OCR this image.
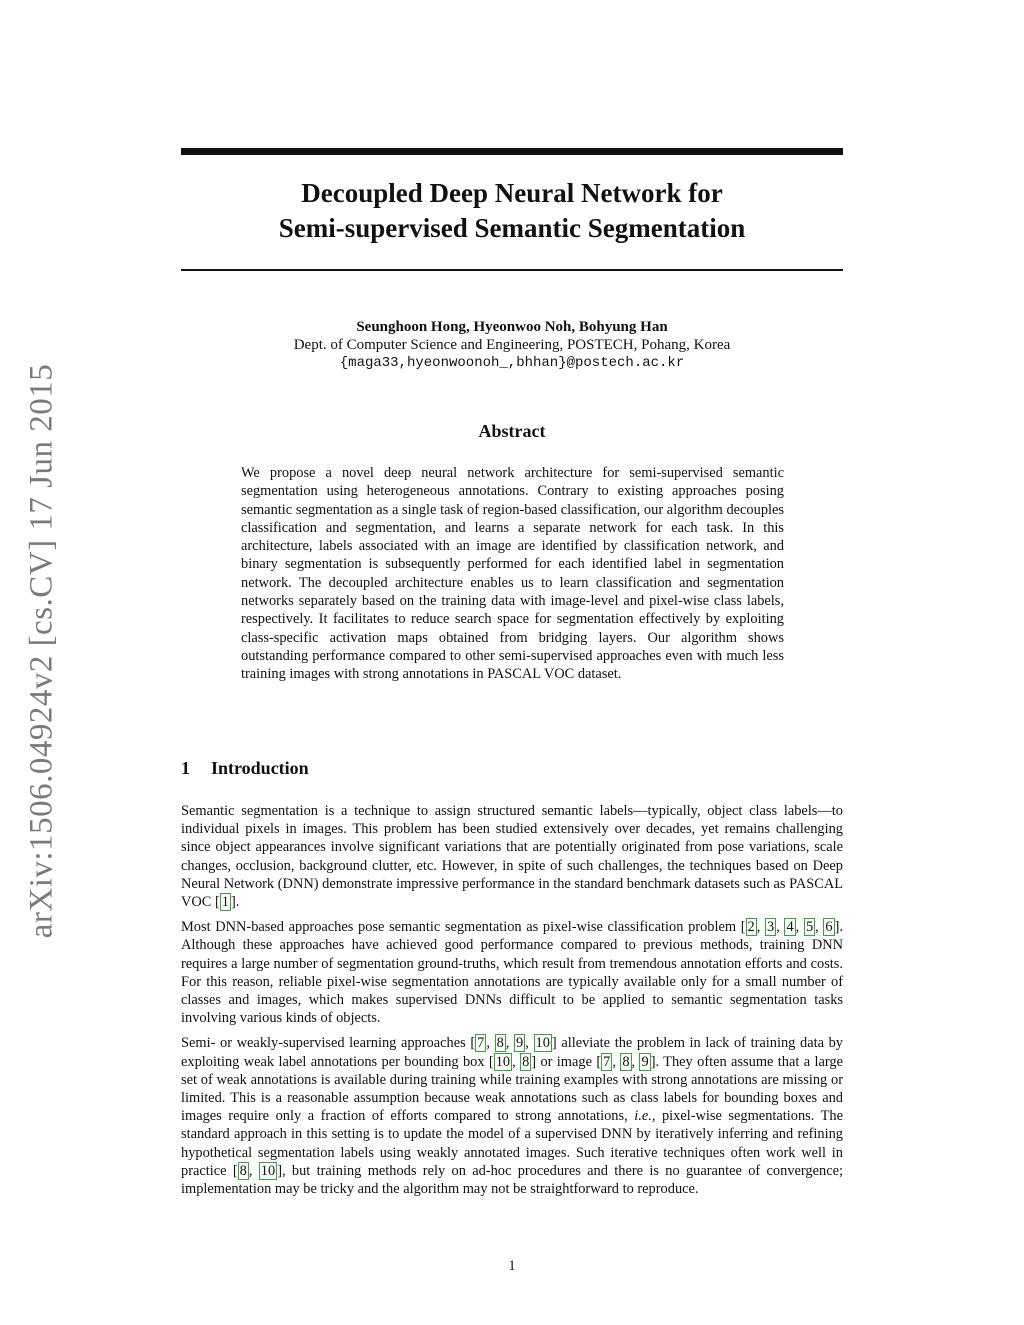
arXiv:1506.04924v2 [cs.CV] 17 Jun 2015
Decoupled Deep Neural Network for
Semi-supervised Semantic Segmentation
Seunghoon Hong, Hyeonwoo Noh, Bohyung Han
Dept. of Computer Science and Engineering, POSTECH, Pohang, Korea
{maga33,hyeonwoonoh_,bhhan}@postech.ac.kr
Abstract
We propose a novel deep neural network architecture for semi-supervised semantic segmentation using heterogeneous annotations. Contrary to existing approaches posing semantic segmentation as a single task of region-based classification, our algorithm decouples classification and segmentation, and learns a separate network for each task. In this architecture, labels associated with an image are identified by classification network, and binary segmentation is subsequently performed for each identified label in segmentation network. The decoupled architecture enables us to learn classification and segmentation networks separately based on the training data with image-level and pixel-wise class labels, respectively. It facilitates to reduce search space for segmentation effectively by exploiting class-specific activation maps obtained from bridging layers. Our algorithm shows outstanding performance compared to other semi-supervised approaches even with much less training images with strong annotations in PASCAL VOC dataset.
1 Introduction

Semantic segmentation is a technique to assign structured semantic labels—typically, object class labels—to individual pixels in images. This problem has been studied extensively over decades, yet remains challenging since object appearances involve significant variations that are potentially originated from pose variations, scale changes, occlusion, background clutter, etc. However, in spite of such challenges, the techniques based on Deep Neural Network (DNN) demonstrate impressive performance in the standard benchmark datasets such as PASCAL VOC [ 1 ].

Most DNN-based approaches pose semantic segmentation as pixel-wise classification problem [ 2 , 3 , 4 , 5 , 6 ]. Although these approaches have achieved good performance compared to previous methods, training DNN requires a large number of segmentation ground-truths, which result from tremendous annotation efforts and costs. For this reason, reliable pixel-wise segmentation annotations are typically available only for a small number of classes and images, which makes supervised DNNs difficult to be applied to semantic segmentation tasks involving various kinds of objects.

Semi- or weakly-supervised learning approaches [ 7 , 8 , 9 , 10 ] alleviate the problem in lack of training data by exploiting weak label annotations per bounding box [ 10 , 8 ] or image [ 7 , 8 , 9 ]. They often assume that a large set of weak annotations is available during training while training examples with strong annotations are missing or limited. This is a reasonable assumption because weak annotations such as class labels for bounding boxes and images require only a fraction of efforts compared to strong annotations, i.e., pixel-wise segmentations. The standard approach in this setting is to update the model of a supervised DNN by iteratively inferring and refining hypothetical segmentation labels using weakly annotated images. Such iterative techniques often work well in practice [ 8 , 10 ], but training methods rely on ad-hoc procedures and there is no guarantee of convergence; implementation may be tricky and the algorithm may not be straightforward to reproduce.

1
